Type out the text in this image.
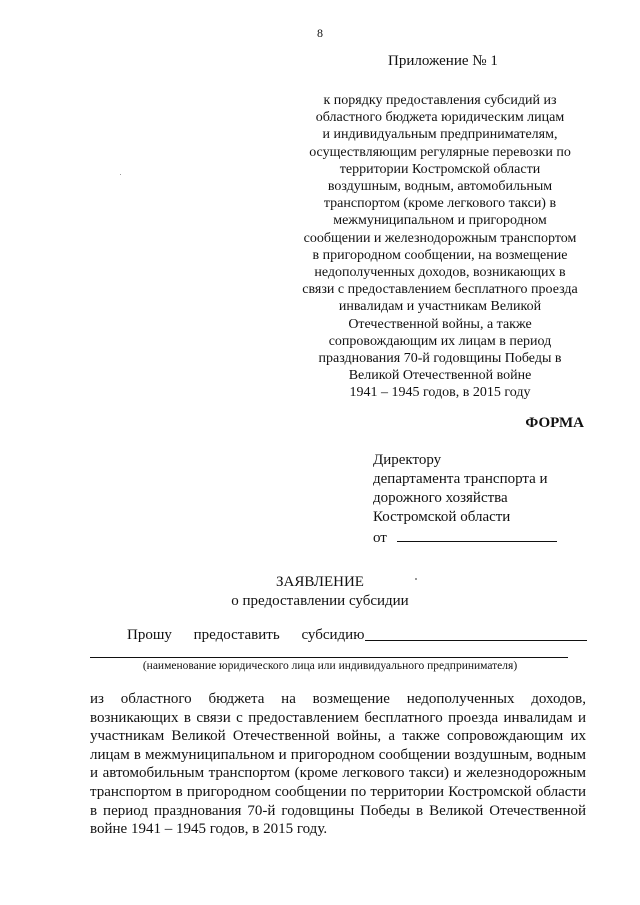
8
Приложение № 1
к порядку предоставления субсидий из
областного бюджета юридическим лицам
и индивидуальным предпринимателям,
осуществляющим регулярные перевозки по
территории Костромской области
воздушным, водным, автомобильным
транспортом (кроме легкового такси) в
межмуниципальном и пригородном
сообщении и железнодорожным транспортом
в пригородном сообщении, на возмещение
недополученных доходов, возникающих в
связи с предоставлением бесплатного проезда
инвалидам и участникам Великой
Отечественной войны, а также
сопровождающим их лицам в период
празднования 70-й годовщины Победы в
Великой Отечественной войне
1941 – 1945 годов, в 2015 году
ФОРМА
Директору
департамента транспорта и
дорожного хозяйства
Костромской области
от
ЗАЯВЛЕНИЕ
о предоставлении субсидии
Прошу предоставить субсидию
(наименование юридического лица или индивидуального предпринимателя)
из областного бюджета на возмещение недополученных доходов, возникающих в связи с предоставлением бесплатного проезда инвалидам и участникам Великой Отечественной войны, а также сопровождающим их лицам в межмуниципальном и пригородном сообщении воздушным, водным и автомобильным транспортом (кроме легкового такси) и железнодорожным транспортом в пригородном сообщении по территории Костромской области в период празднования 70-й годовщины Победы в Великой Отечественной войне 1941 – 1945 годов, в 2015 году.
